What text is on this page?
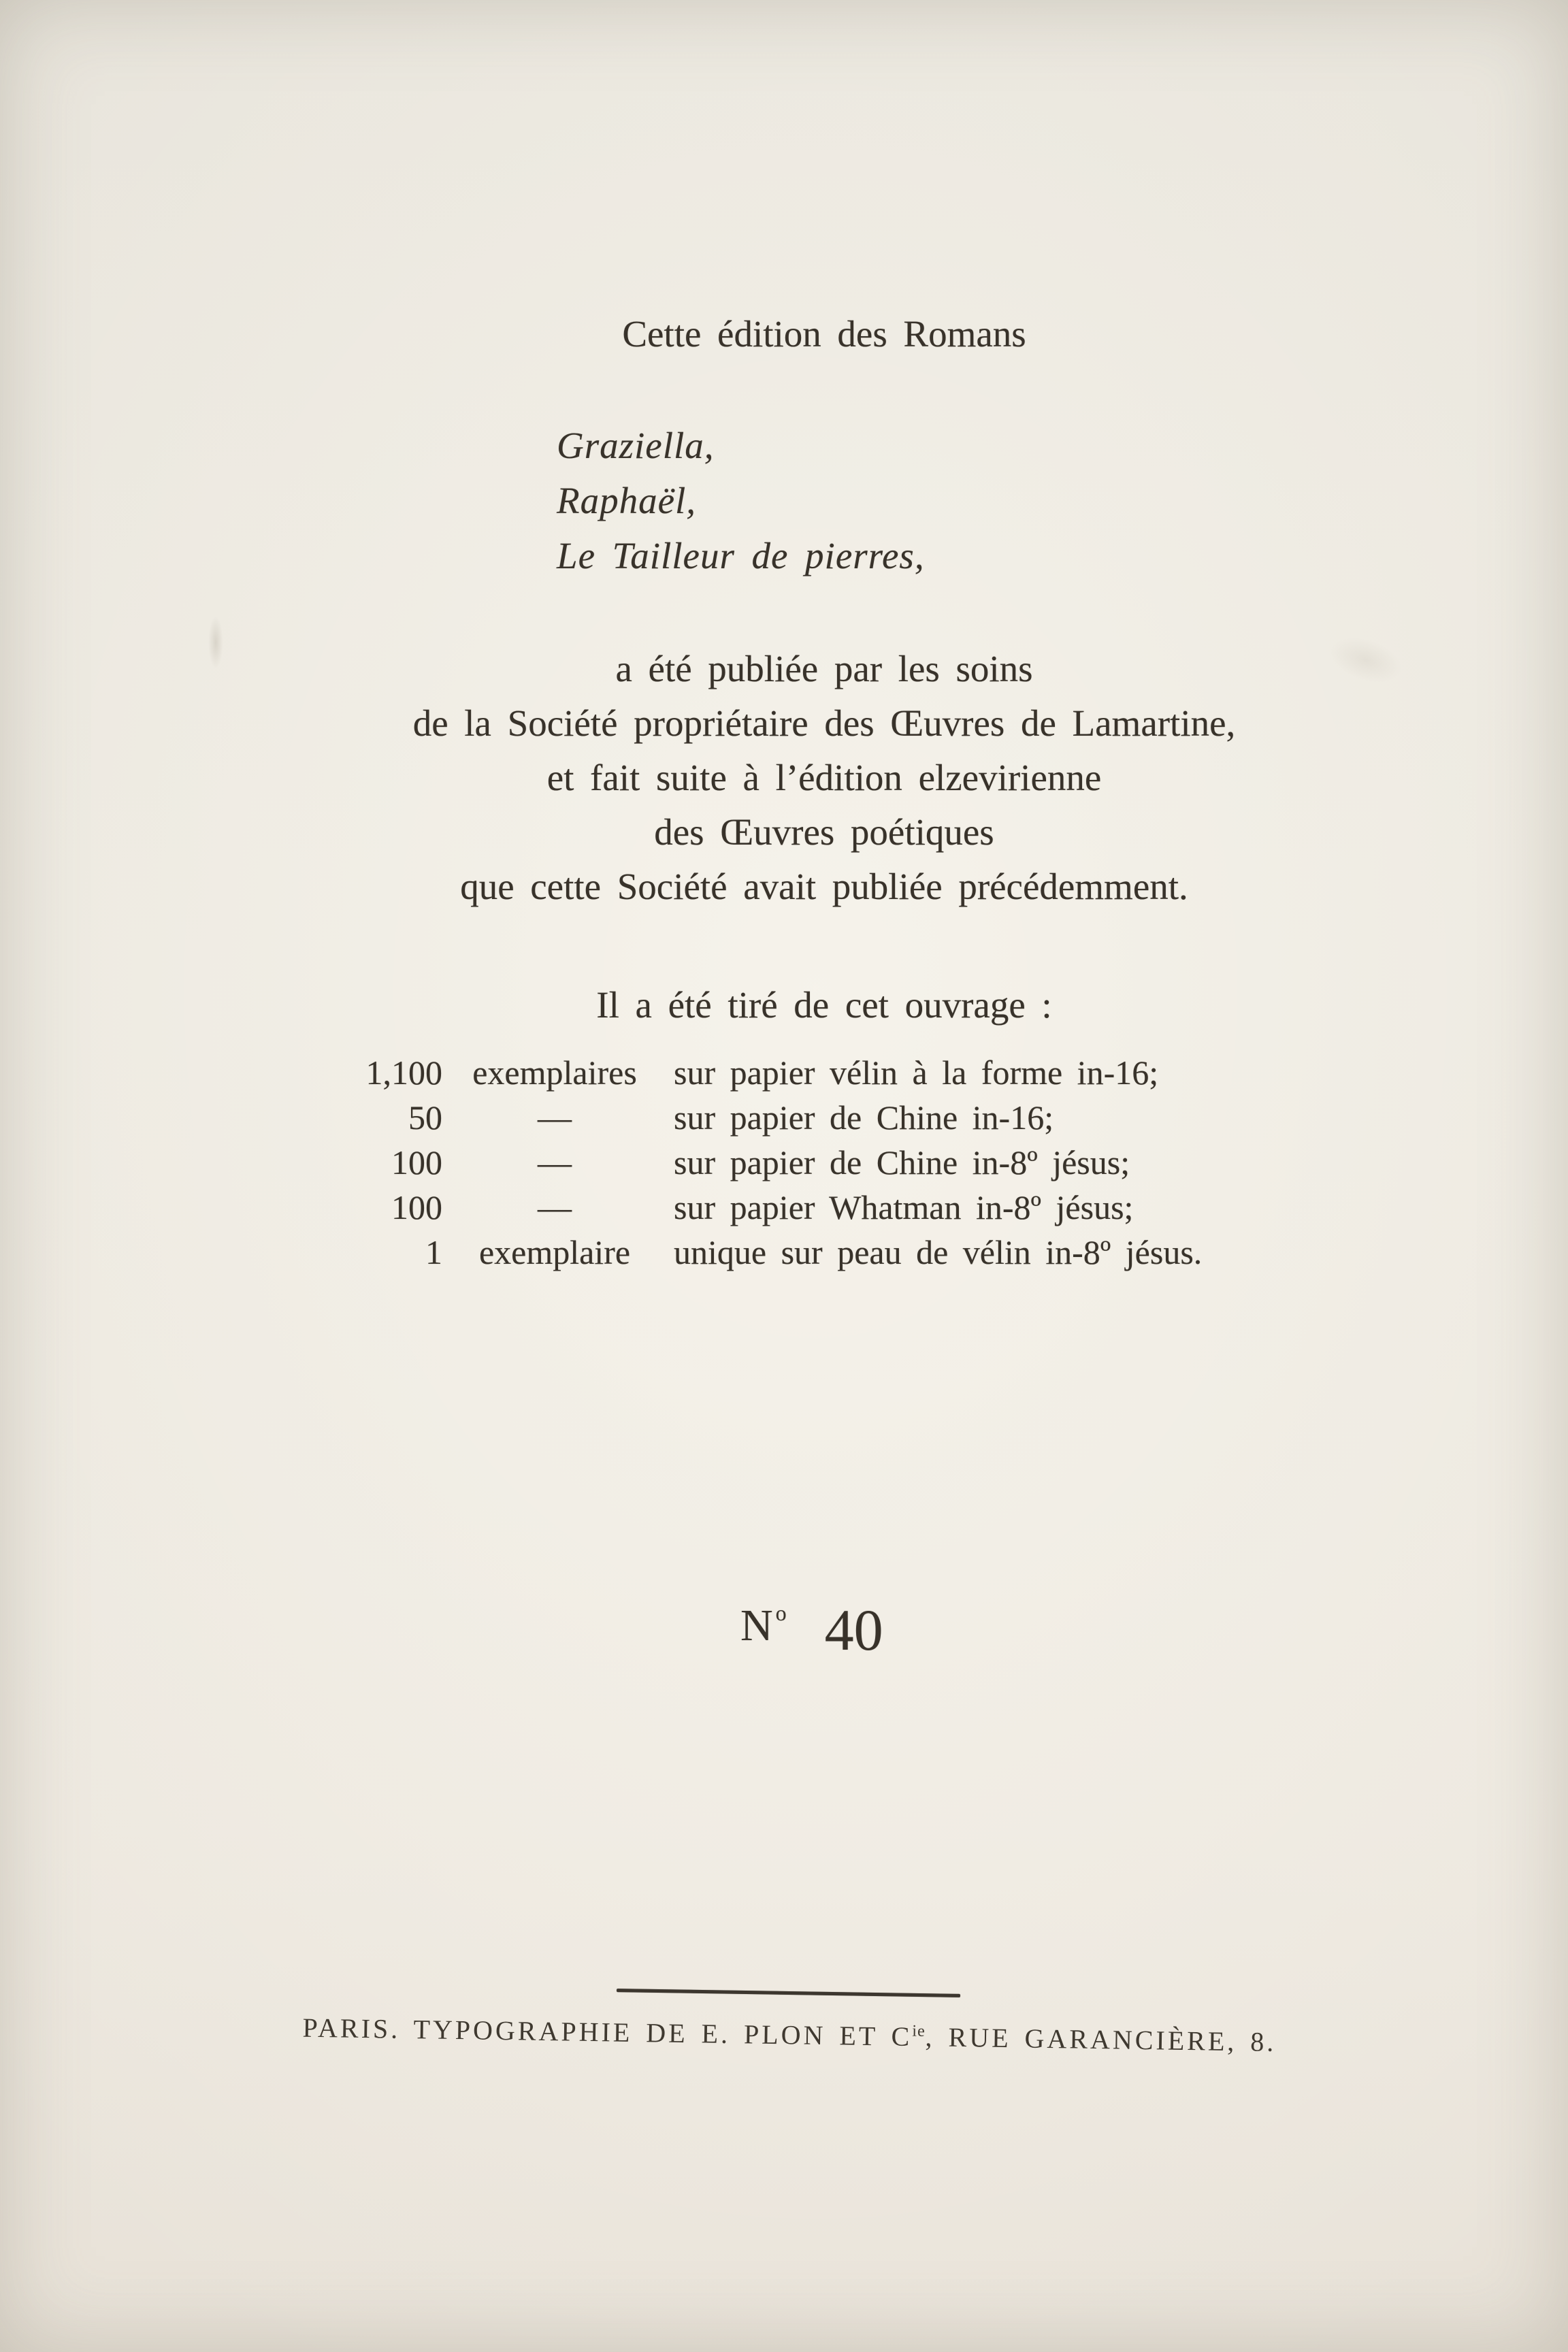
Cette édition des Romans
Graziella,
Raphaël,
Le Tailleur de pierres,
a été publiée par les soins
de la Société propriétaire des Œuvres de Lamartine,
et fait suite à l’édition elzevirienne
des Œuvres poétiques
que cette Société avait publiée précédemment.
Il a été tiré de cet ouvrage :
1,100 exemplaires	sur papier vélin à la forme in-16;
50	—	sur papier de Chine in-16;
100	—	sur papier de Chine in-8º jésus;
100	—	sur papier Whatman in-8º jésus;
1	exemplaire	unique sur peau de vélin in-8º jésus.
N o 40
PARIS. TYPOGRAPHIE DE E. PLON ET $C^{ie}$, RUE GARANCIÈRE, 8.
